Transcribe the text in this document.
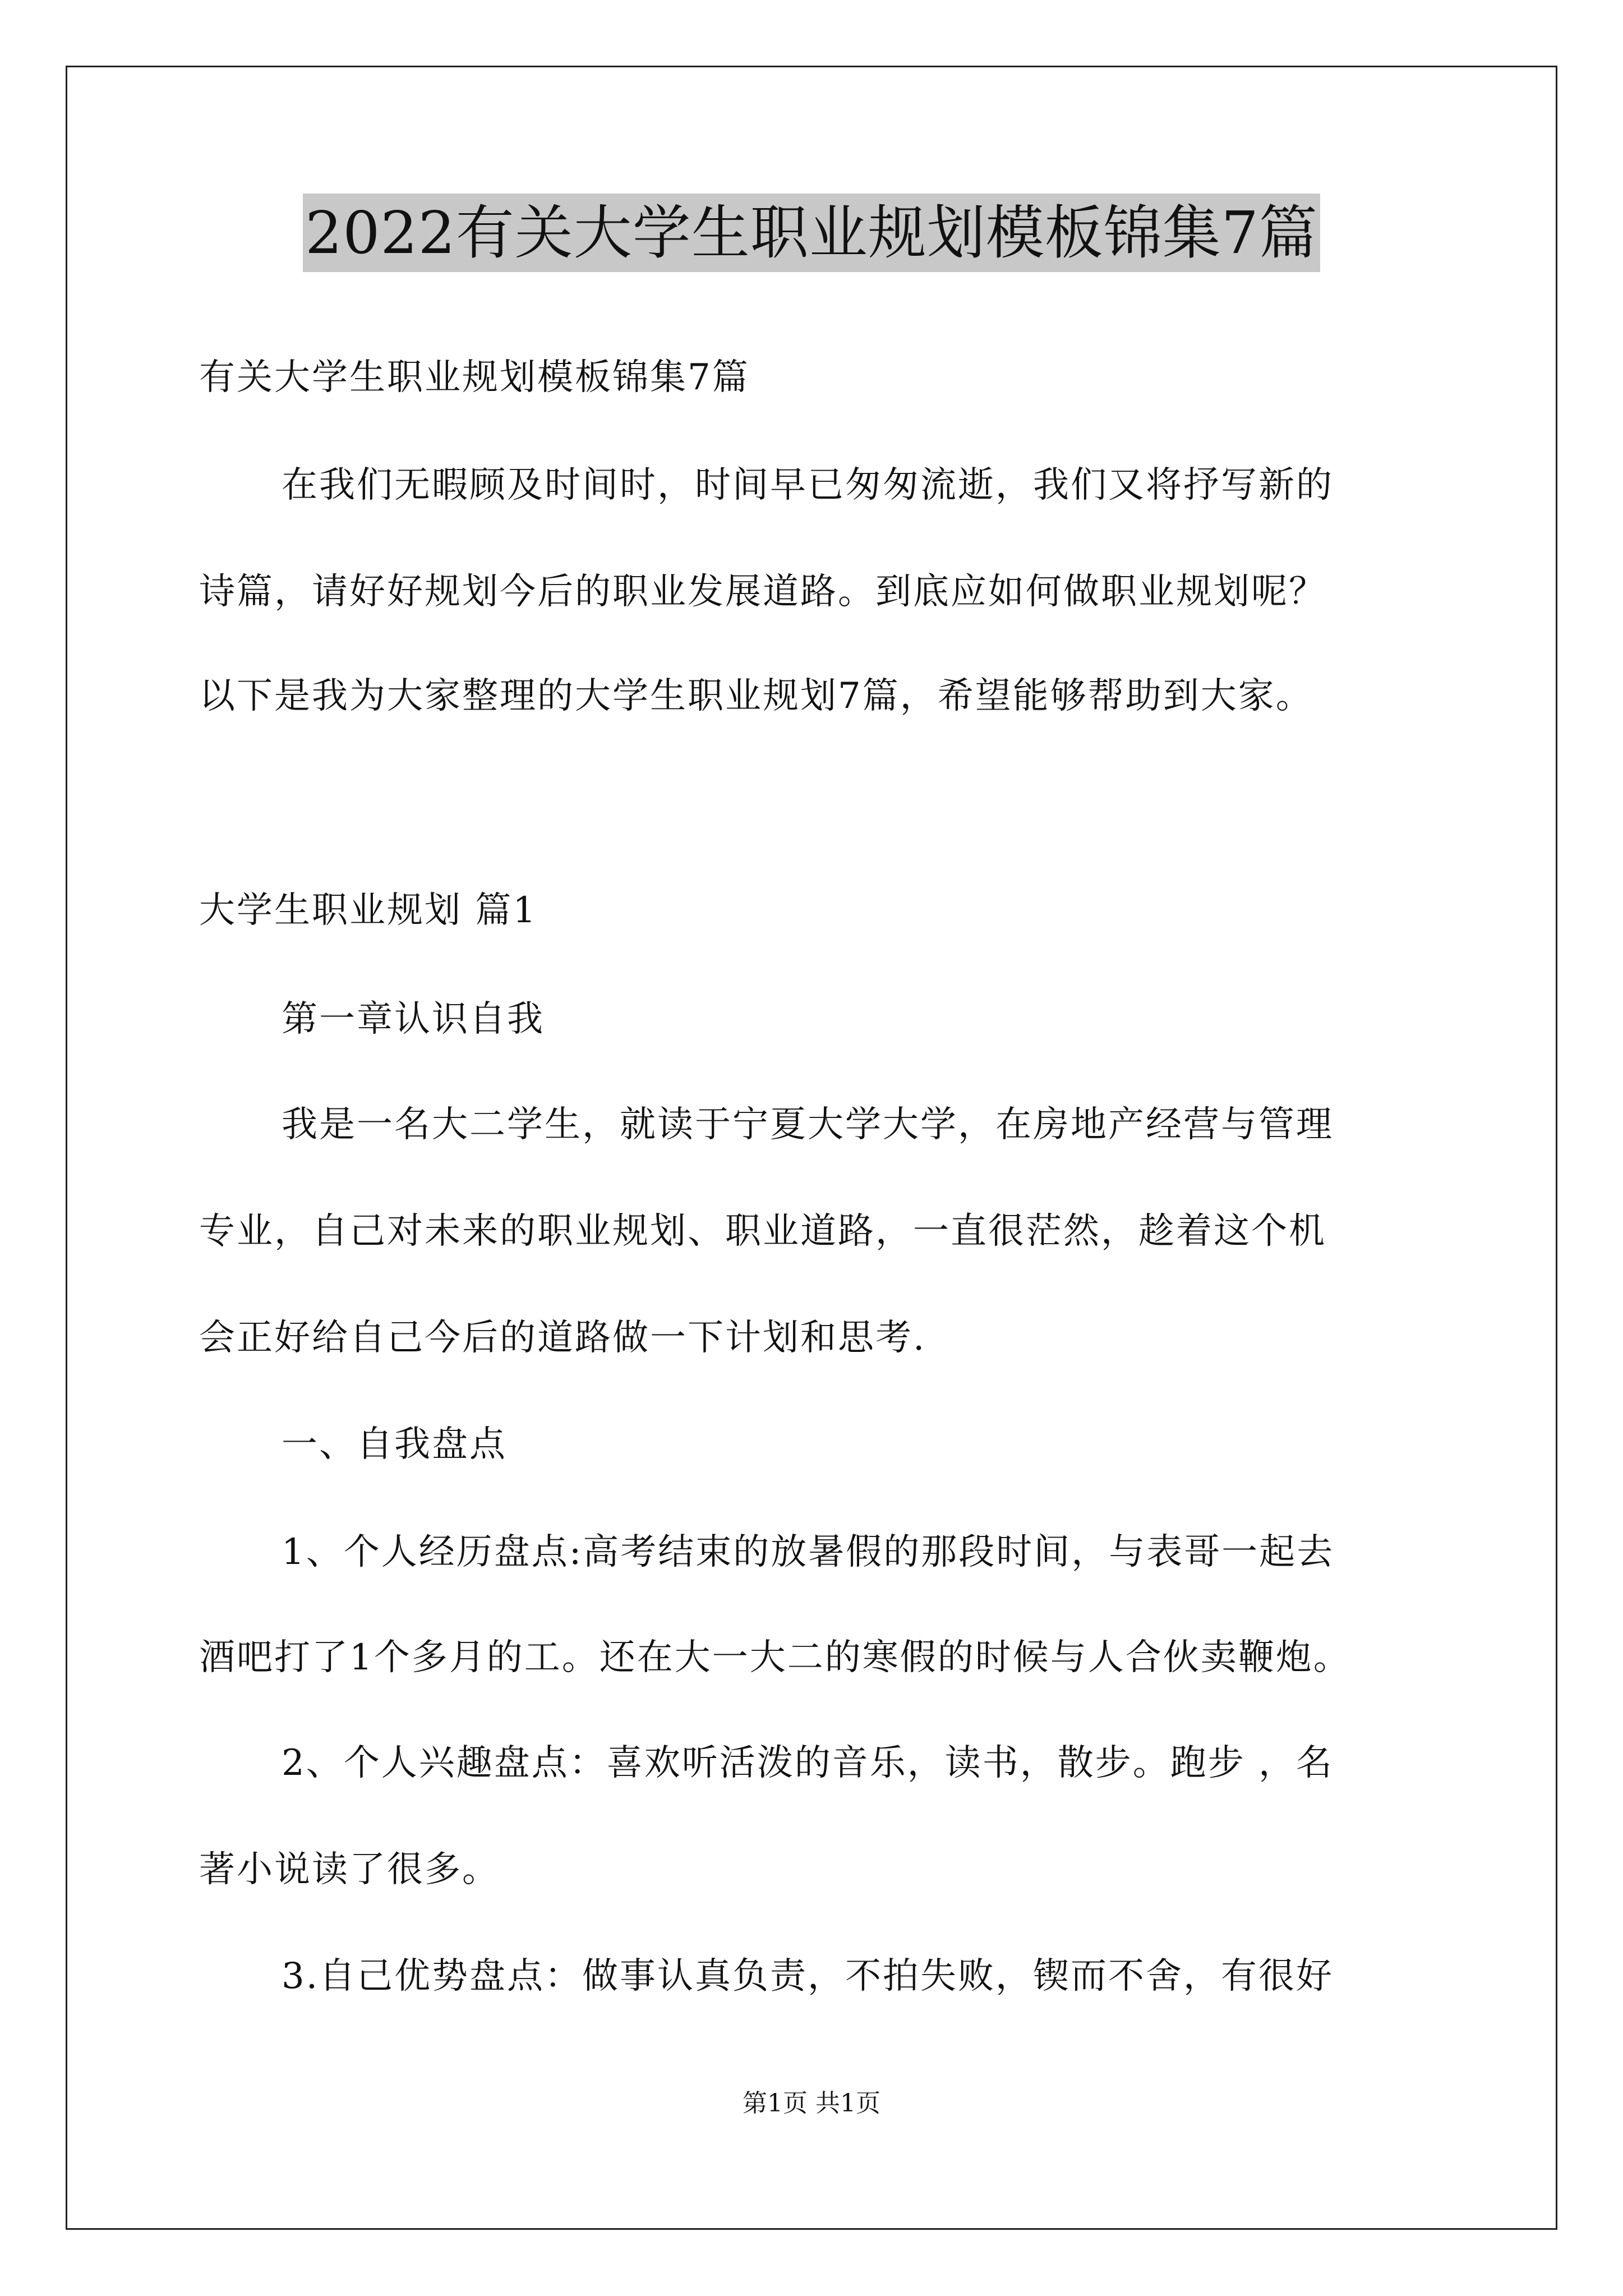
2022有关大学生职业规划模板锦集7篇
有关大学生职业规划模板锦集7篇
在我们无暇顾及时间时，时间早已匆匆流逝，我们又将抒写新的
诗篇，请好好规划今后的职业发展道路。到底应如何做职业规划呢？
以下是我为大家整理的大学生职业规划7篇，希望能够帮助到大家。
大学生职业规划 篇1
第一章认识自我
我是一名大二学生，就读于宁夏大学大学，在房地产经营与管理
专业，自己对未来的职业规划、职业道路，一直很茫然，趁着这个机
会正好给自己今后的道路做一下计划和思考.
一、自我盘点
1、个人经历盘点:高考结束的放暑假的那段时间，与表哥一起去
酒吧打了1个多月的工。还在大一大二的寒假的时候与人合伙卖鞭炮。
2、个人兴趣盘点：喜欢听活泼的音乐，读书，散步。跑步 ，名
著小说读了很多。
3.自己优势盘点：做事认真负责，不拍失败，锲而不舍，有很好
第1页 共1页
